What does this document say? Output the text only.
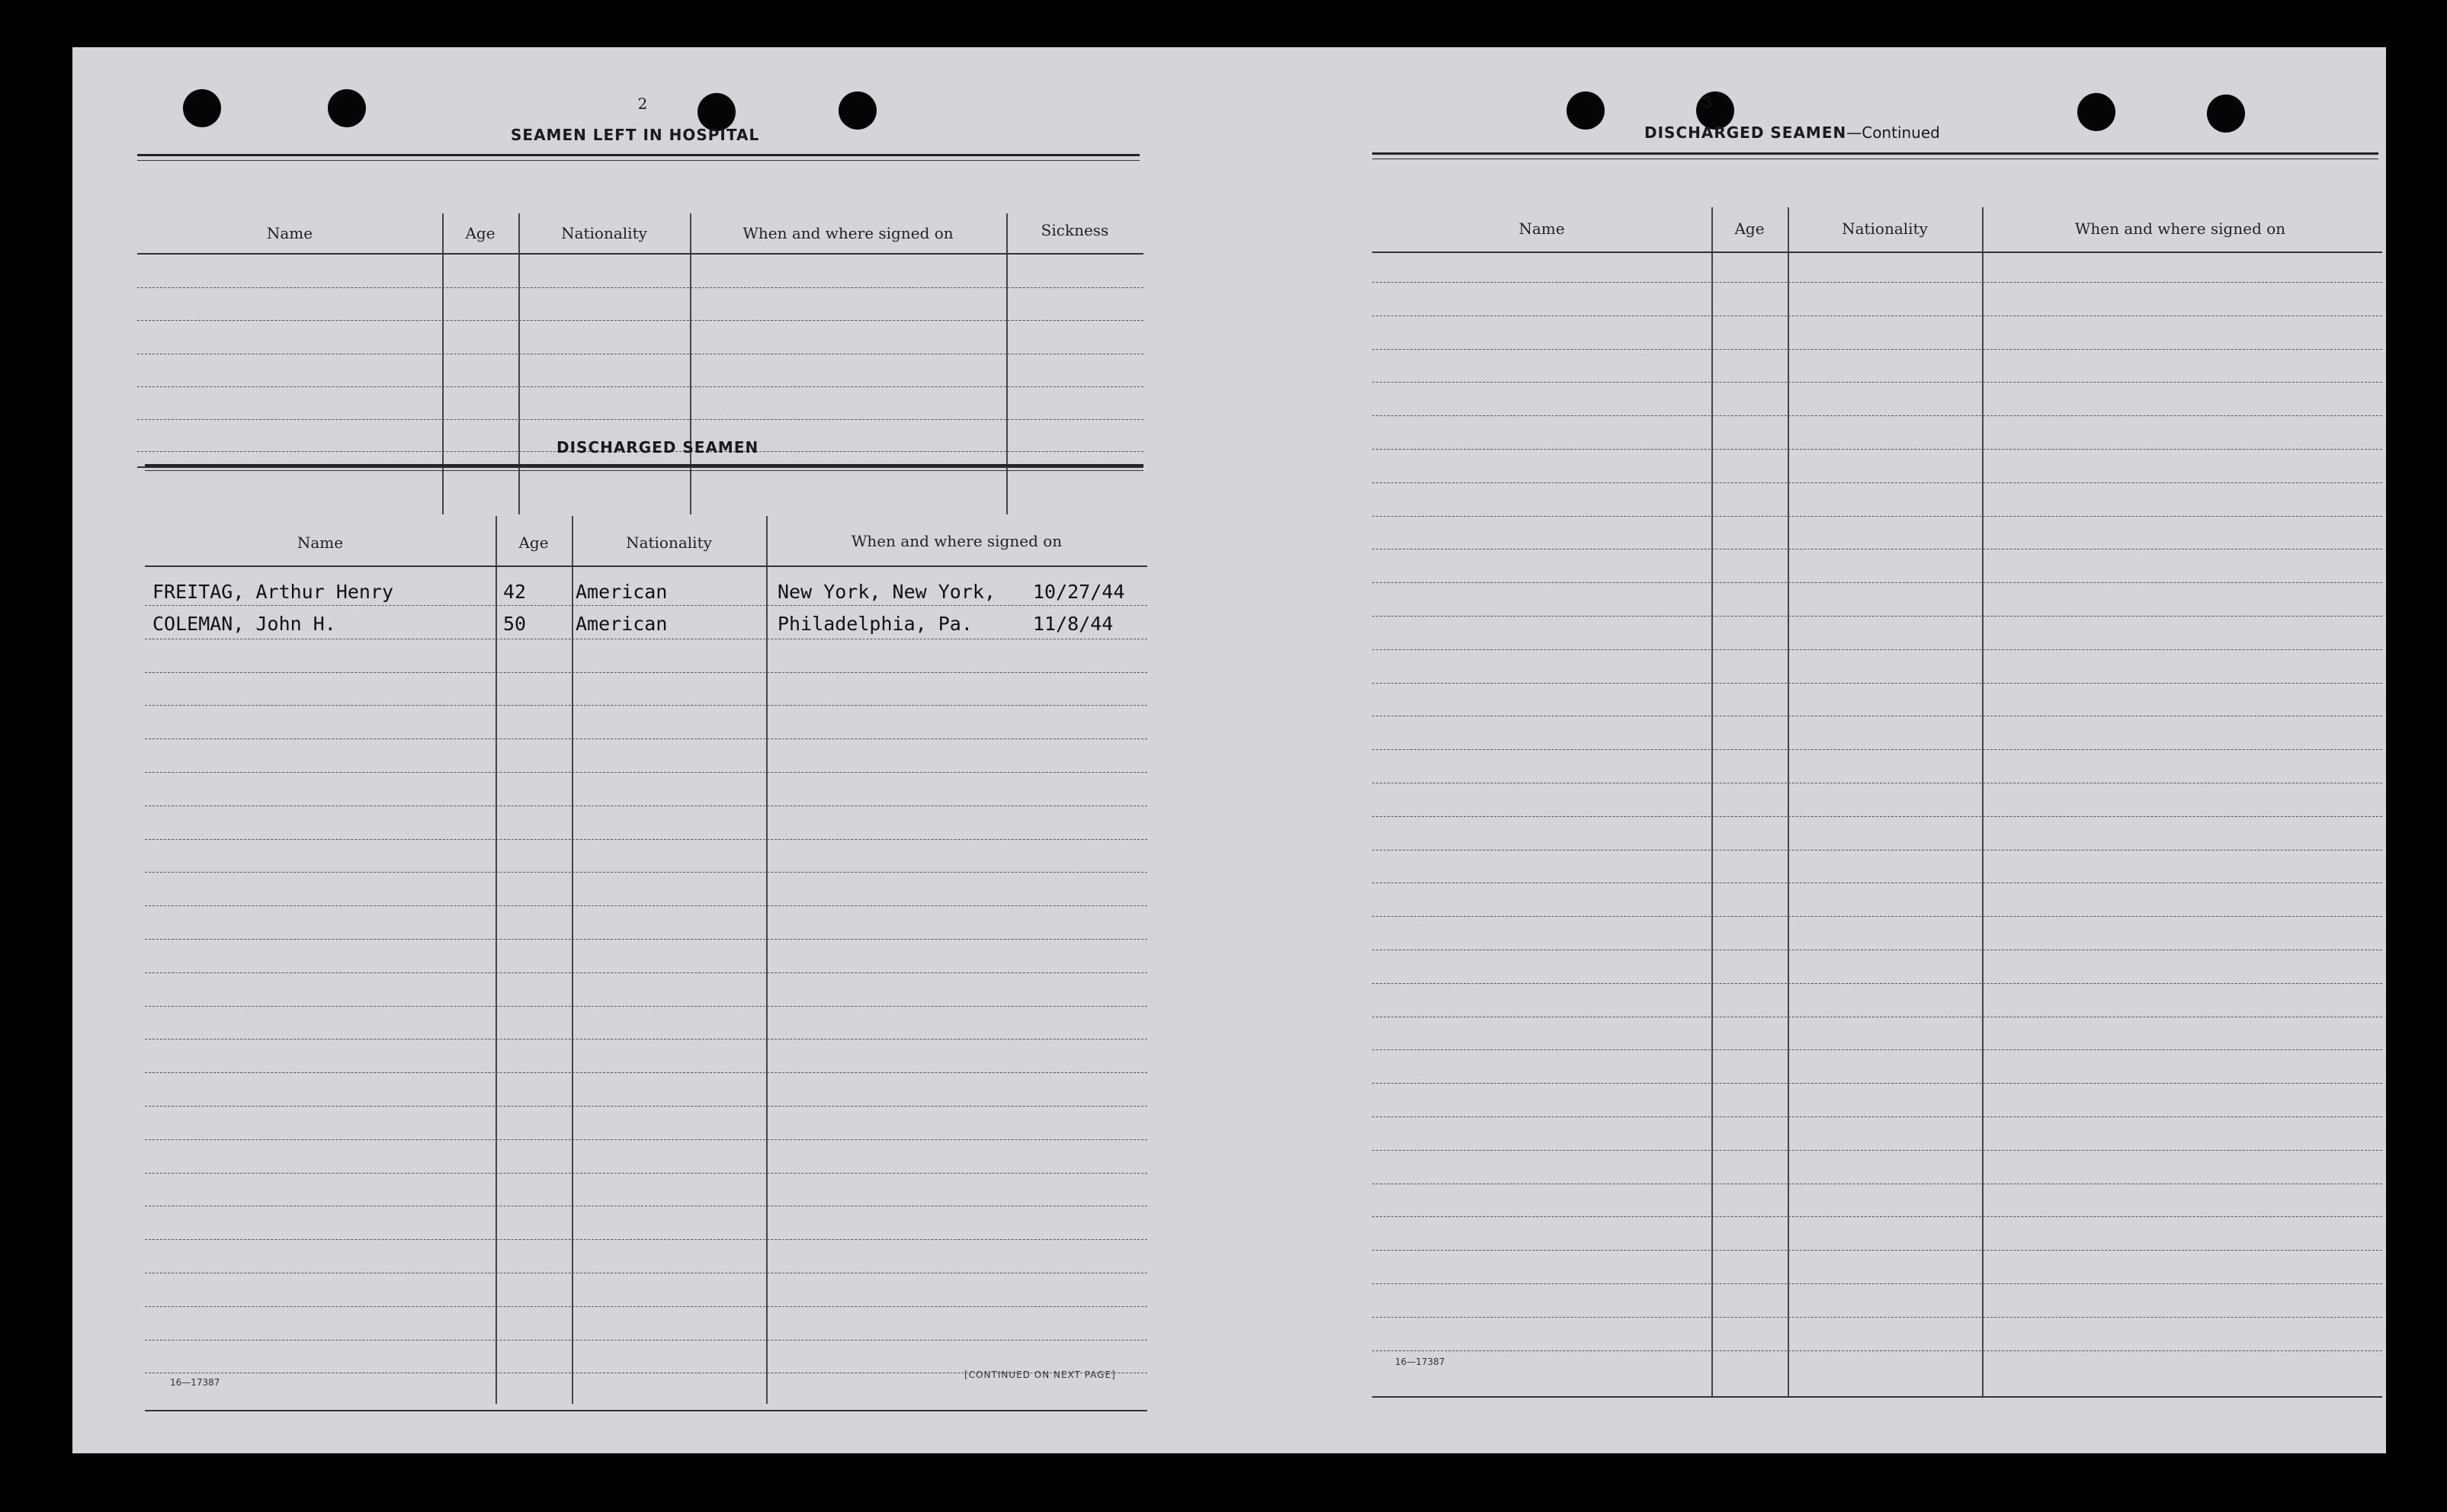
2
SEAMEN LEFT IN HOSPITAL
Name	Age	Nationality	When and where signed on	Sickness
DISCHARGED SEAMEN
Name	Age	Nationality	When and where signed on
FREITAG, Arthur Henry	42	American	New York, New York, 10/27/44
COLEMAN, John H.	50	American	Philadelphia, Pa.	11/8/44
16—17387
[CONTINUED ON NEXT PAGE]
3
DISCHARGED SEAMEN—Continued
Name	Age	Nationality	When and where signed on
16—17387
